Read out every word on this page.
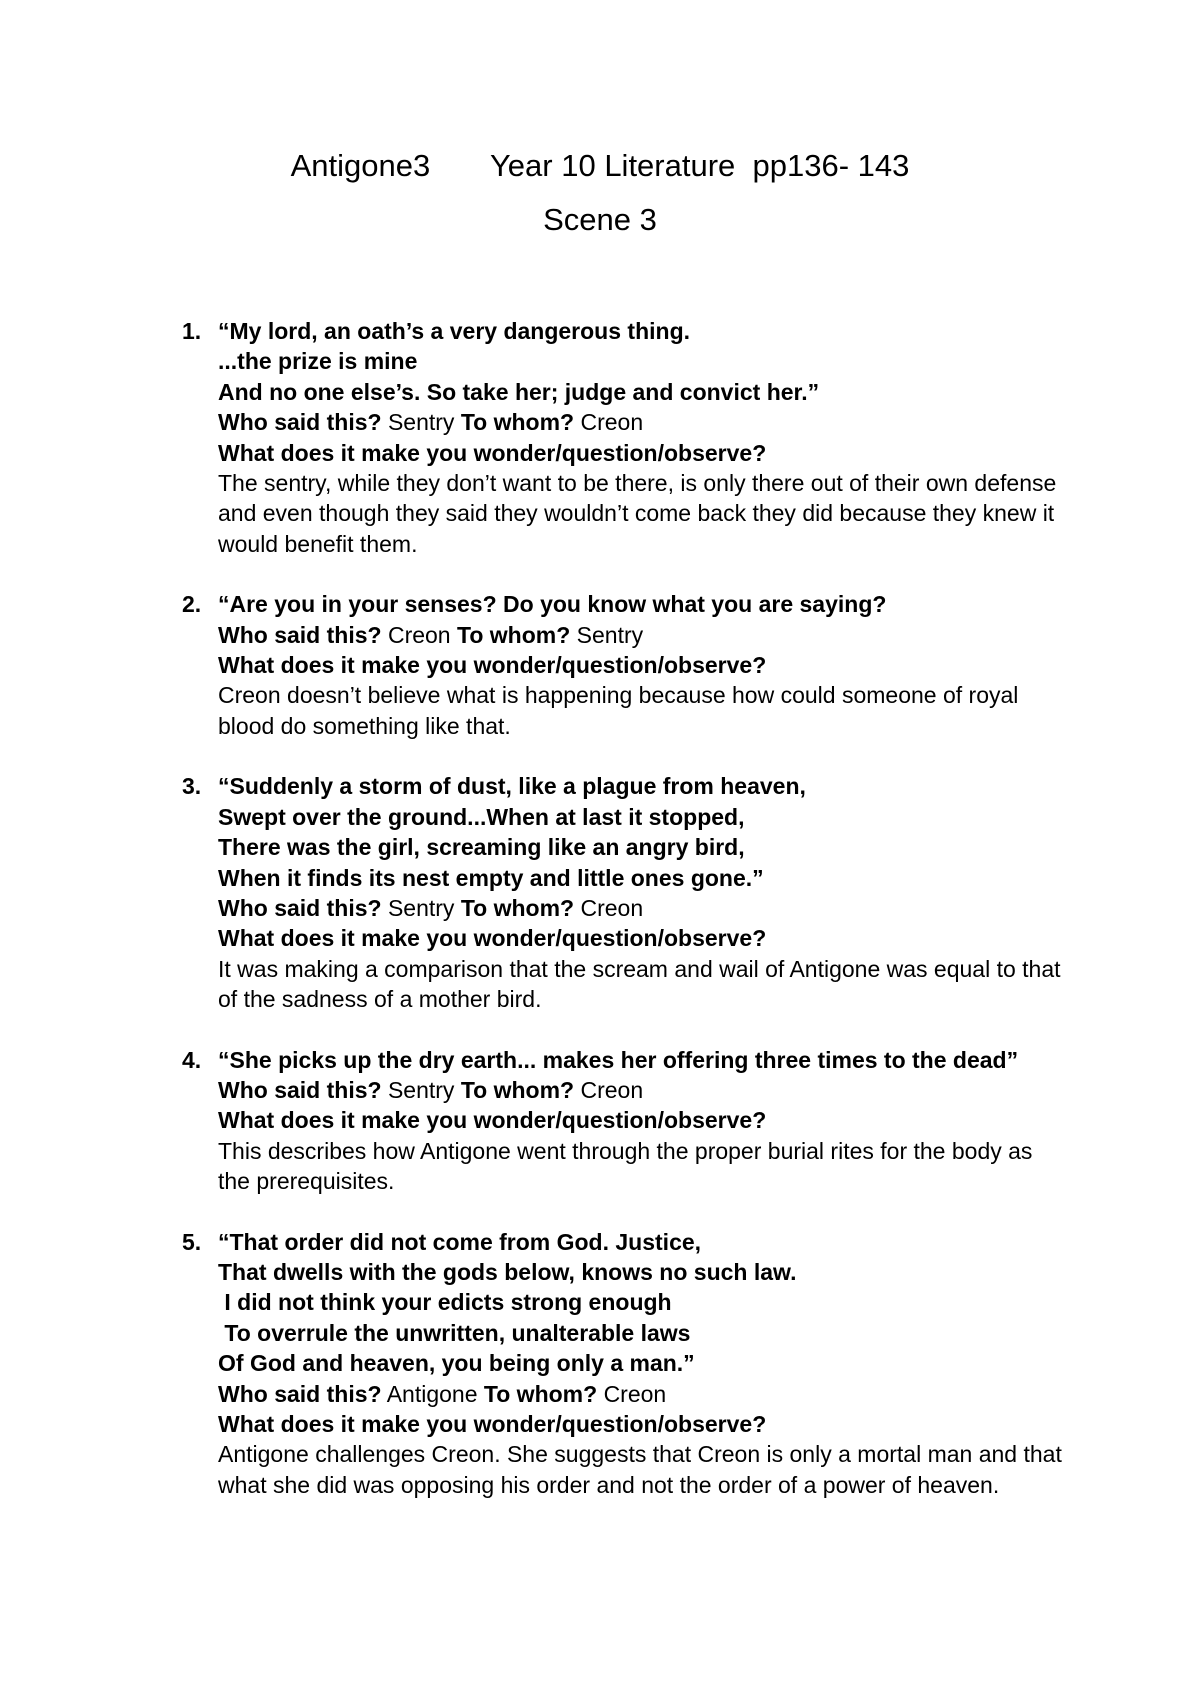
Antigone3       Year 10 Literature  pp136- 143
Scene 3
1. “My lord, an oath’s a very dangerous thing.
...the prize is mine
And no one else’s. So take her; judge and convict her.”
Who said this? Sentry To whom? Creon
What does it make you wonder/question/observe?
The sentry, while they don’t want to be there, is only there out of their own defense and even though they said they wouldn’t come back they did because they knew it would benefit them.
2. “Are you in your senses? Do you know what you are saying?
Who said this? Creon To whom? Sentry
What does it make you wonder/question/observe?
Creon doesn’t believe what is happening because how could someone of royal blood do something like that.
3. “Suddenly a storm of dust, like a plague from heaven,
Swept over the ground...When at last it stopped,
There was the girl, screaming like an angry bird,
When it finds its nest empty and little ones gone.”
Who said this? Sentry To whom? Creon
What does it make you wonder/question/observe?
It was making a comparison that the scream and wail of Antigone was equal to that of the sadness of a mother bird.
4. “She picks up the dry earth... makes her offering three times to the dead”
Who said this? Sentry To whom? Creon
What does it make you wonder/question/observe?
This describes how Antigone went through the proper burial rites for the body as the prerequisites.
5. “That order did not come from God. Justice,
That dwells with the gods below, knows no such law.
I did not think your edicts strong enough
To overrule the unwritten, unalterable laws
Of God and heaven, you being only a man.”
Who said this? Antigone To whom? Creon
What does it make you wonder/question/observe?
Antigone challenges Creon. She suggests that Creon is only a mortal man and that what she did was opposing his order and not the order of a power of heaven.
